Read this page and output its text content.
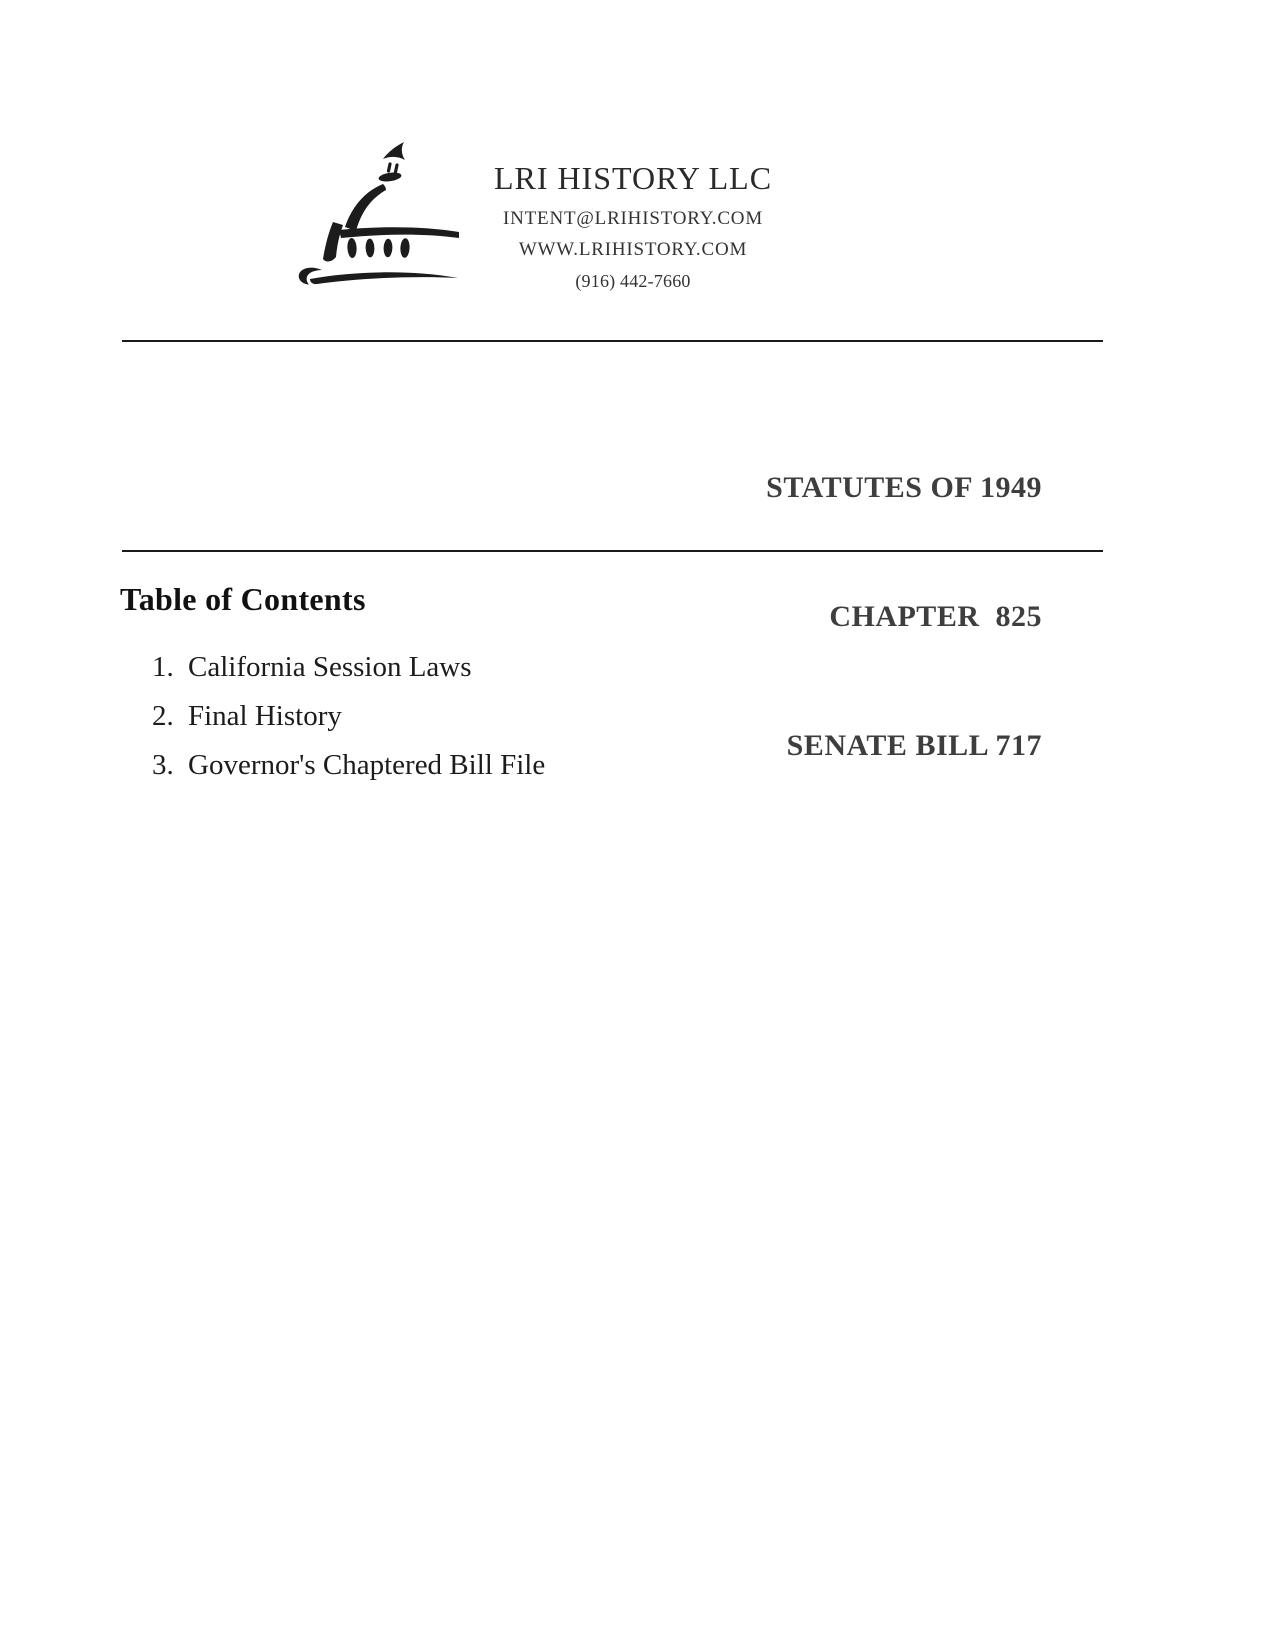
LRI HISTORY LLC
INTENT@LRIHISTORY.COM
WWW.LRIHISTORY.COM
(916) 442-7660

STATUTES OF 1949

CHAPTER  825

SENATE BILL 717

Table of Contents
1. California Session Laws
2. Final History
3. Governor's Chaptered Bill File
